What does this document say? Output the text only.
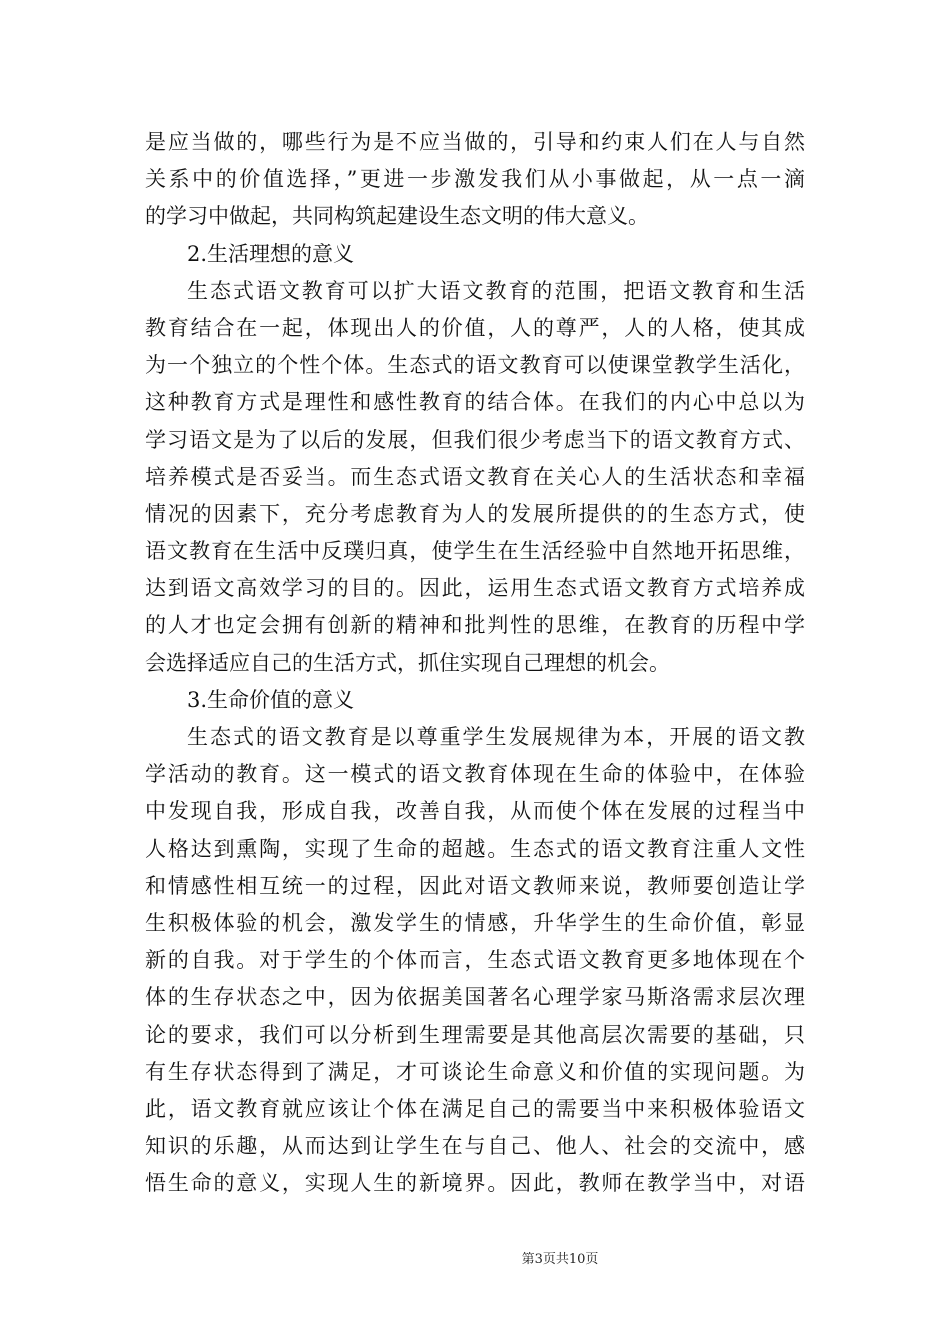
是应当做的，哪些行为是不应当做的，引导和约束人们在人与自然
关系中的价值选择，”更进一步激发我们从小事做起，从一点一滴
的学习中做起，共同构筑起建设生态文明的伟大意义。
2.生活理想的意义
生态式语文教育可以扩大语文教育的范围，把语文教育和生活
教育结合在一起，体现出人的价值，人的尊严，人的人格，使其成
为一个独立的个性个体。生态式的语文教育可以使课堂教学生活化，
这种教育方式是理性和感性教育的结合体。在我们的内心中总以为
学习语文是为了以后的发展，但我们很少考虑当下的语文教育方式、
培养模式是否妥当。而生态式语文教育在关心人的生活状态和幸福
情况的因素下，充分考虑教育为人的发展所提供的的生态方式，使
语文教育在生活中反璞归真，使学生在生活经验中自然地开拓思维，
达到语文高效学习的目的。因此，运用生态式语文教育方式培养成
的人才也定会拥有创新的精神和批判性的思维，在教育的历程中学
会选择适应自己的生活方式，抓住实现自己理想的机会。
3.生命价值的意义
生态式的语文教育是以尊重学生发展规律为本，开展的语文教
学活动的教育。这一模式的语文教育体现在生命的体验中，在体验
中发现自我，形成自我，改善自我，从而使个体在发展的过程当中
人格达到熏陶，实现了生命的超越。生态式的语文教育注重人文性
和情感性相互统一的过程，因此对语文教师来说，教师要创造让学
生积极体验的机会，激发学生的情感，升华学生的生命价值，彰显
新的自我。对于学生的个体而言，生态式语文教育更多地体现在个
体的生存状态之中，因为依据美国著名心理学家马斯洛需求层次理
论的要求，我们可以分析到生理需要是其他高层次需要的基础，只
有生存状态得到了满足，才可谈论生命意义和价值的实现问题。为
此，语文教育就应该让个体在满足自己的需要当中来积极体验语文
知识的乐趣，从而达到让学生在与自己、他人、社会的交流中，感
悟生命的意义，实现人生的新境界。因此，教师在教学当中，对语
第3页共10页
